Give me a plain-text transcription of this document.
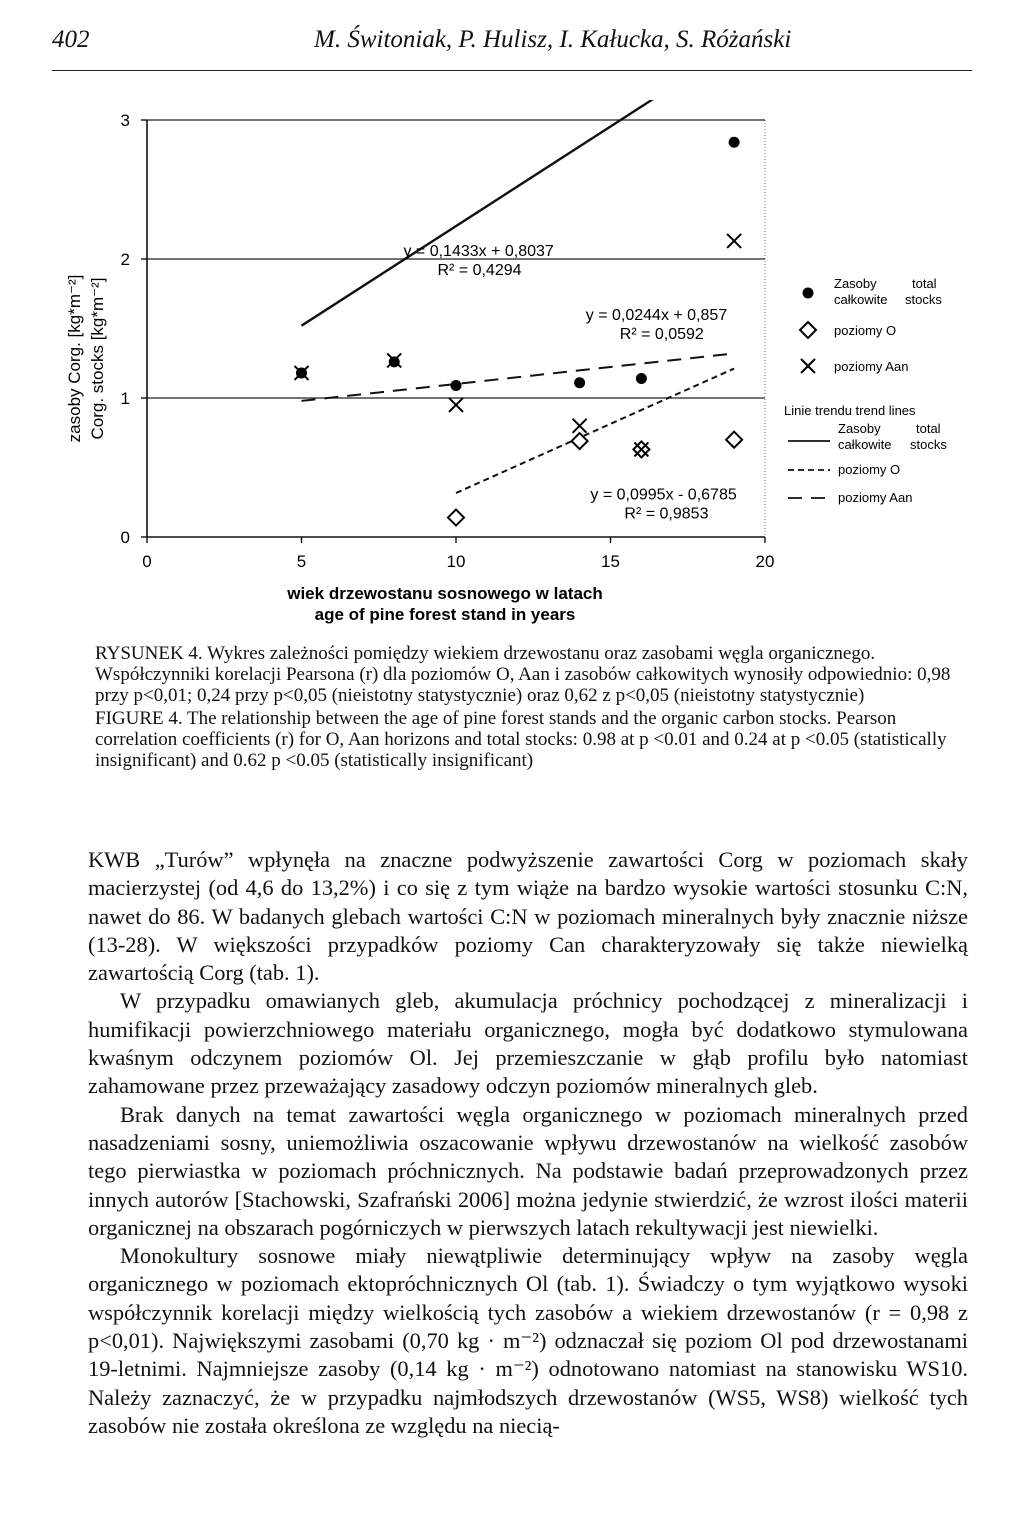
402	M. Świtoniak, P. Hulisz, I. Kałucka, S. Różański
0	5	10	15	20
0
1
2
3
y = 0,1433x + 0,8037
R² = 0,4294
y = 0,0244x + 0,857
R² = 0,0592
y = 0,0995x - 0,6785
R² = 0,9853
zasoby Corg. [kg*m⁻²] Corg. stocks [kg*m⁻²]
wiek drzewostanu sosnowego w latach
age of pine forest stand in years
Zasoby
całkowite
total
stocks
poziomy O
poziomy Aan
Linie trendu trend lines
Zasoby
całkowite
total
stocks
poziomy O
poziomy Aan

RYSUNEK 4. Wykres zależności pomiędzy wiekiem drzewostanu oraz zasobami węgla organicznego. Współczynniki korelacji Pearsona (r) dla poziomów O, Aan i zasobów całkowitych wynosiły odpowiednio: 0,98 przy p<0,01; 0,24 przy p<0,05 (nieistotny statystycznie) oraz 0,62 z p<0,05 (nieistotny statystycznie)

FIGURE 4. The relationship between the age of pine forest stands and the organic carbon stocks. Pearson correlation coefficients (r) for O, Aan horizons and total stocks: 0.98 at p <0.01 and 0.24 at p <0.05 (statistically insignificant) and 0.62 p <0.05 (statistically insignificant)

KWB „Turów” wpłynęła na znaczne podwyższenie zawartości Corg w poziomach skały macierzystej (od 4,6 do 13,2%) i co się z tym wiąże na bardzo wysokie wartości stosunku C:N, nawet do 86. W badanych glebach wartości C:N w poziomach mineralnych były znacznie niższe (13-28). W większości przypadków poziomy Can charakteryzowały się także niewielką zawartością Corg (tab. 1).

W przypadku omawianych gleb, akumulacja próchnicy pochodzącej z mineralizacji i humifikacji powierzchniowego materiału organicznego, mogła być dodatkowo stymulowana kwaśnym odczynem poziomów Ol. Jej przemieszczanie w głąb profilu było natomiast zahamowane przez przeważający zasadowy odczyn poziomów mineralnych gleb.

Brak danych na temat zawartości węgla organicznego w poziomach mineralnych przed nasadzeniami sosny, uniemożliwia oszacowanie wpływu drzewostanów na wielkość zasobów tego pierwiastka w poziomach próchnicznych. Na podstawie badań przeprowadzonych przez innych autorów [Stachowski, Szafrański 2006] można jedynie stwierdzić, że wzrost ilości materii organicznej na obszarach pogórniczych w pierwszych latach rekultywacji jest niewielki.

Monokultury sosnowe miały niewątpliwie determinujący wpływ na zasoby węgla organicznego w poziomach ektopróchnicznych Ol (tab. 1). Świadczy o tym wyjątkowo wysoki współczynnik korelacji między wielkością tych zasobów a wiekiem drzewostanów (r = 0,98 z p<0,01). Największymi zasobami (0,70 kg · m⁻²) odznaczał się poziom Ol pod drzewostanami 19-letnimi. Najmniejsze zasoby (0,14 kg · m⁻²) odnotowano natomiast na stanowisku WS10. Należy zaznaczyć, że w przypadku najmłodszych drzewostanów (WS5, WS8) wielkość tych zasobów nie została określona ze względu na niecią-
